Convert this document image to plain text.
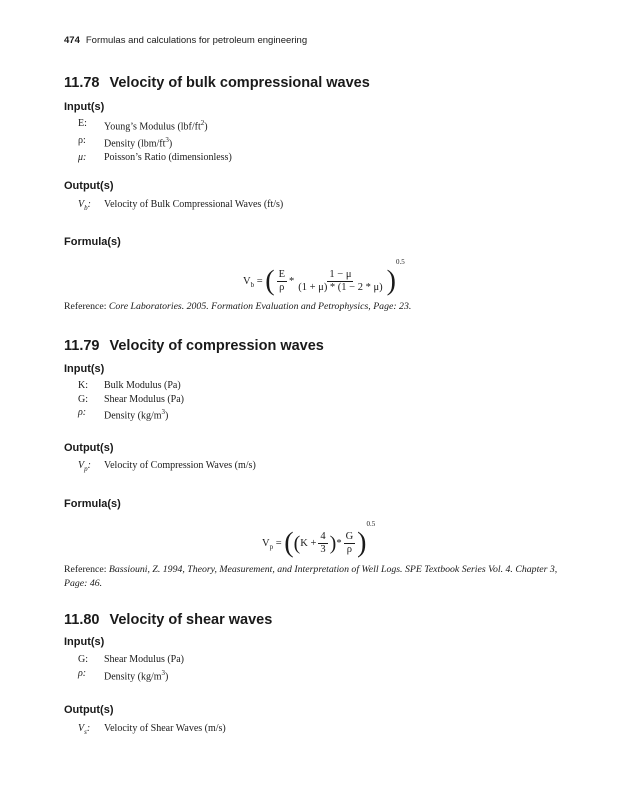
474 Formulas and calculations for petroleum engineering
11.78 Velocity of bulk compressional waves
Input(s)
E:	Young’s Modulus $(lbf/ft^2)$
ρ:	Density $(lbm/ft^3)$
μ:	Poisson’s Ratio (dimensionless)
Output(s)
$V_b$:	Velocity of Bulk Compressional Waves (ft/s)
Formula(s)
$V_b$ = ( $\frac{E}{\rho} * \frac{1 - \mu}{(1 + \mu) * (1 - 2 * \mu)} )^{0.5}$
Reference: Core Laboratories. 2005. Formation Evaluation and Petrophysics, Page: 23.
11.79 Velocity of compression waves
Input(s)
K:	Bulk Modulus (Pa)
G:	Shear Modulus (Pa)
ρ:	Density $(kg/m^3)$
Output(s)
$V_p$:	Velocity of Compression Waves (m/s)
Formula(s)
$V_p = ((K + \frac{4}{3}$ )* $\frac{G}{\rho} )^{0.5}$
Reference: Bassiouni, Z. 1994, Theory, Measurement, and Interpretation of Well Logs. SPE Textbook Series Vol. 4. Chapter 3, Page: 46.
11.80 Velocity of shear waves
Input(s)
G:	Shear Modulus (Pa)
ρ:	Density $(kg/m^3)$
Output(s)
$V_s$:	Velocity of Shear Waves (m/s)
